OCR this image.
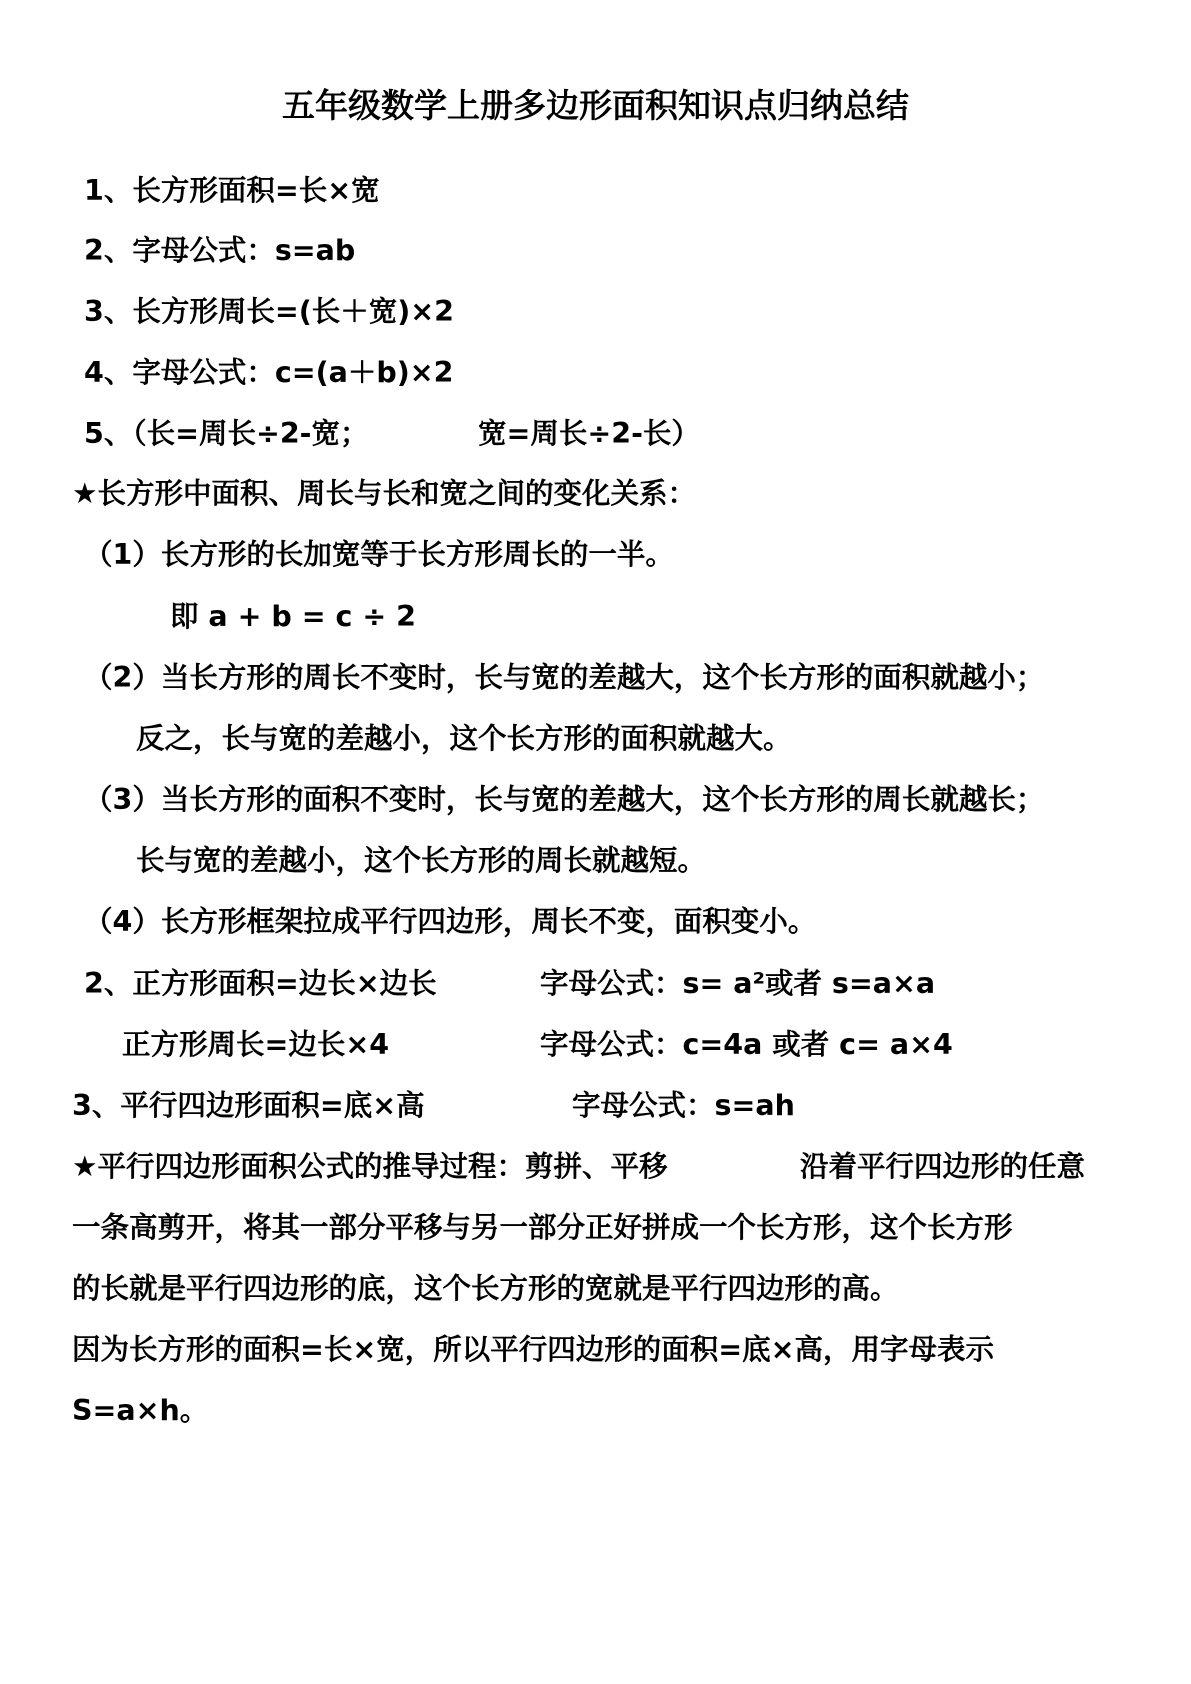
五年级数学上册多边形面积知识点归纳总结
1、长方形面积=长×宽
2、字母公式：s=ab
3、长方形周长=(长＋宽)×2
4、字母公式：c=(a＋b)×2
5、（长=周长÷2-宽；	宽=周长÷2-长）
★长方形中面积、周长与长和宽之间的变化关系：
（1）长方形的长加宽等于长方形周长的一半。
即 a + b = c ÷ 2
（2）当长方形的周长不变时，长与宽的差越大，这个长方形的面积就越小；
反之，长与宽的差越小，这个长方形的面积就越大。
（3）当长方形的面积不变时，长与宽的差越大，这个长方形的周长就越长；
长与宽的差越小，这个长方形的周长就越短。
（4）长方形框架拉成平行四边形，周长不变，面积变小。
2、正方形面积=边长×边长	字母公式：s= a²或者 s=a×a
正方形周长=边长×4	字母公式：c=4a 或者 c= a×4
3、平行四边形面积=底×高	字母公式：s=ah
★平行四边形面积公式的推导过程：剪拼、平移	沿着平行四边形的任意
一条高剪开，将其一部分平移与另一部分正好拼成一个长方形，这个长方形
的长就是平行四边形的底，这个长方形的宽就是平行四边形的高。
因为长方形的面积=长×宽，所以平行四边形的面积=底×高，用字母表示
S=a×h。
